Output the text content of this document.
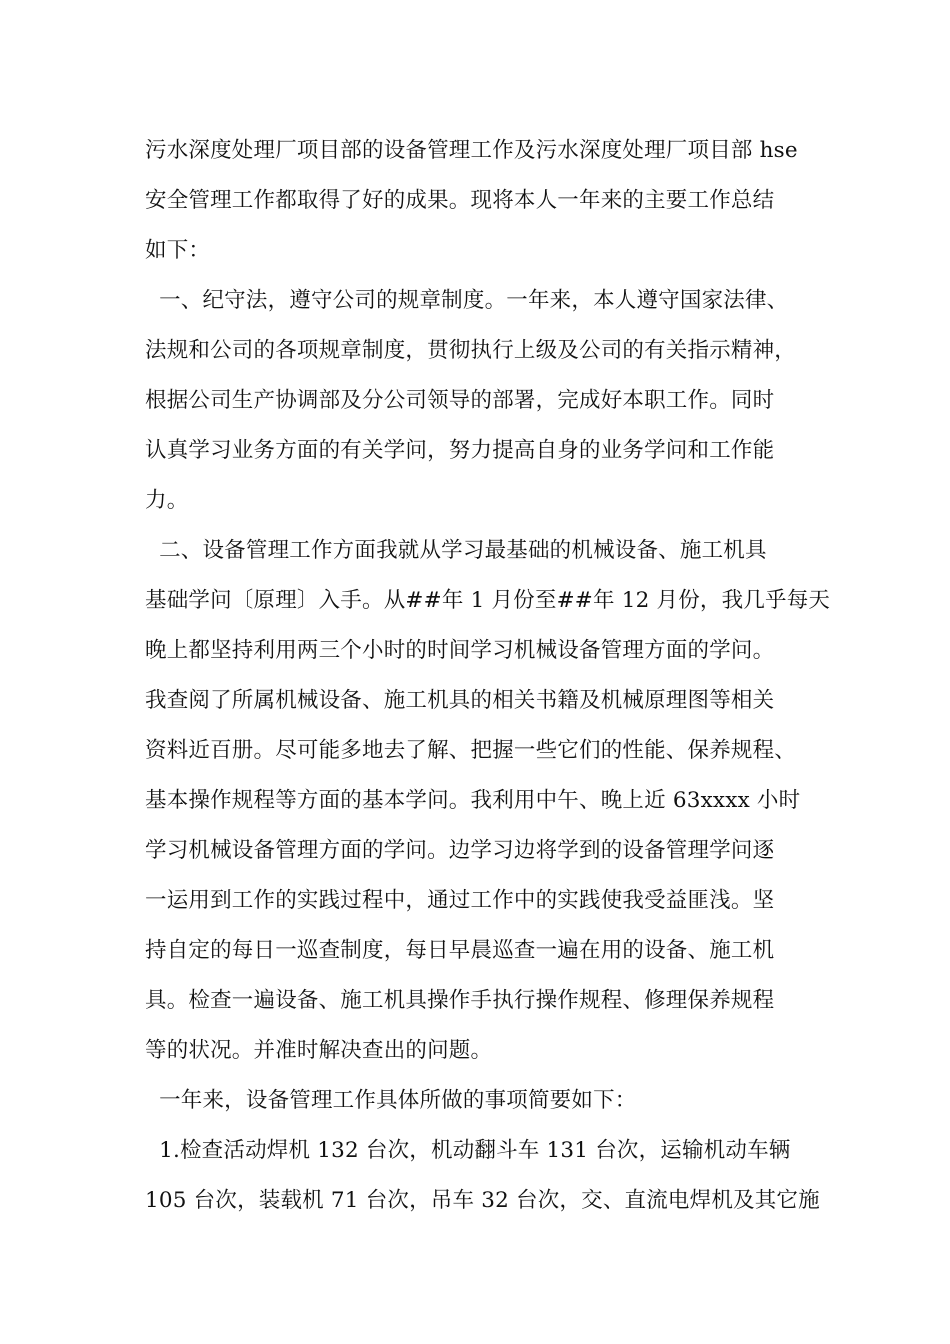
污水深度处理厂项目部的设备管理工作及污水深度处理厂项目部 hse
安全管理工作都取得了好的成果。现将本人一年来的主要工作总结
如下：
一、纪守法，遵守公司的规章制度。一年来，本人遵守国家法律、
法规和公司的各项规章制度，贯彻执行上级及公司的有关指示精神，
根据公司生产协调部及分公司领导的部署，完成好本职工作。同时
认真学习业务方面的有关学问，努力提高自身的业务学问和工作能
力。
二、设备管理工作方面我就从学习最基础的机械设备、施工机具
基础学问〔原理〕入手。从##年 1 月份至##年 12 月份，我几乎每天
晚上都坚持利用两三个小时的时间学习机械设备管理方面的学问。
我查阅了所属机械设备、施工机具的相关书籍及机械原理图等相关
资料近百册。尽可能多地去了解、把握一些它们的性能、保养规程、
基本操作规程等方面的基本学问。我利用中午、晚上近 63xxxx 小时
学习机械设备管理方面的学问。边学习边将学到的设备管理学问逐
一运用到工作的实践过程中，通过工作中的实践使我受益匪浅。坚
持自定的每日一巡查制度，每日早晨巡查一遍在用的设备、施工机
具。检查一遍设备、施工机具操作手执行操作规程、修理保养规程
等的状况。并准时解决查出的问题。
一年来，设备管理工作具体所做的事项简要如下：
1.检查活动焊机 132 台次，机动翻斗车 131 台次，运输机动车辆
105 台次，装载机 71 台次，吊车 32 台次，交、直流电焊机及其它施
